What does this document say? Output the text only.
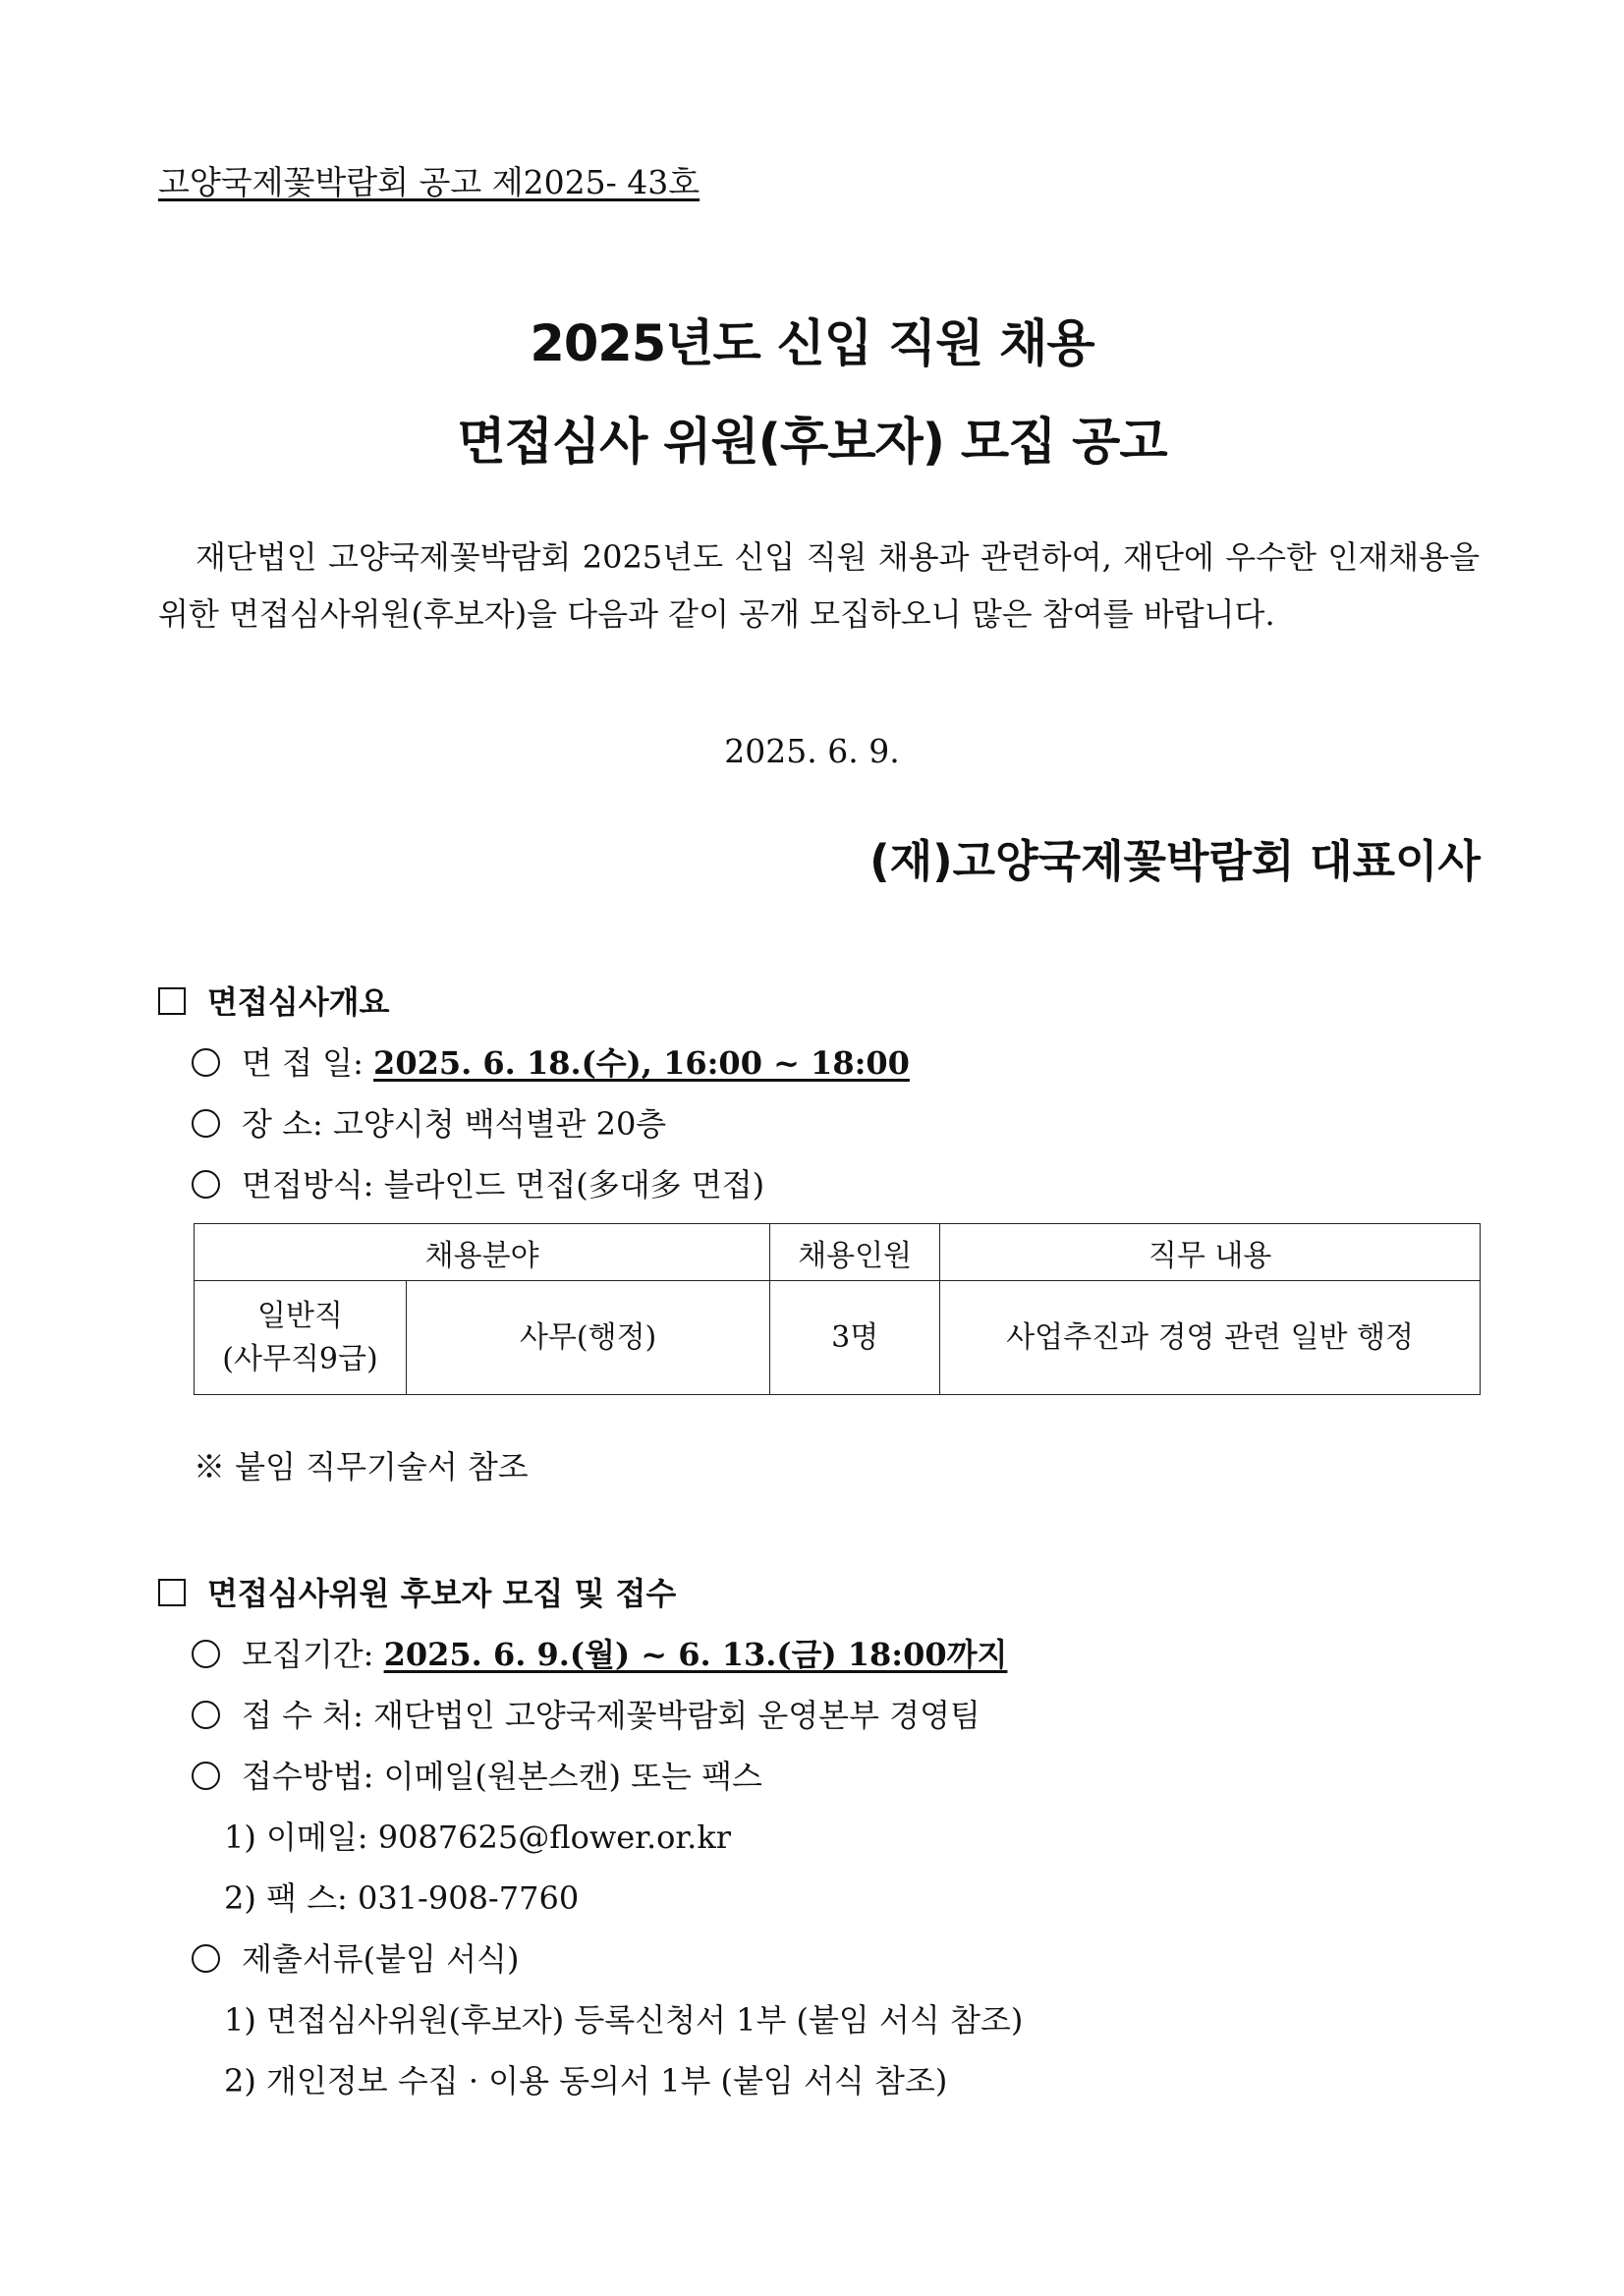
고양국제꽃박람회 공고 제2025- 43호
2025년도 신입 직원 채용
면접심사 위원(후보자) 모집 공고
재단법인 고양국제꽃박람회 2025년도 신입 직원 채용과 관련하여, 재단에 우수한 인재채용을 위한 면접심사위원(후보자)을 다음과 같이 공개 모집하오니 많은 참여를 바랍니다.
2025. 6. 9.
(재)고양국제꽃박람회 대표이사
면접심사개요
면 접 일: 2025. 6. 18.(수), 16:00 ~ 18:00
장 소: 고양시청 백석별관 20층
면접방식: 블라인드 면접(多대多 면접)
채용분야		채용인원	직무 내용

일반직
(사무직9급)	사무(행정)	3명	사업추진과 경영 관련 일반 행정
※ 붙임 직무기술서 참조
면접심사위원 후보자 모집 및 접수
모집기간: 2025. 6. 9.(월) ~ 6. 13.(금) 18:00까지
접 수 처: 재단법인 고양국제꽃박람회 운영본부 경영팀
접수방법: 이메일(원본스캔) 또는 팩스
1) 이메일: 9087625@flower.or.kr
2) 팩 스: 031-908-7760
제출서류(붙임 서식)
1) 면접심사위원(후보자) 등록신청서 1부 (붙임 서식 참조)
2) 개인정보 수집 · 이용 동의서 1부 (붙임 서식 참조)
